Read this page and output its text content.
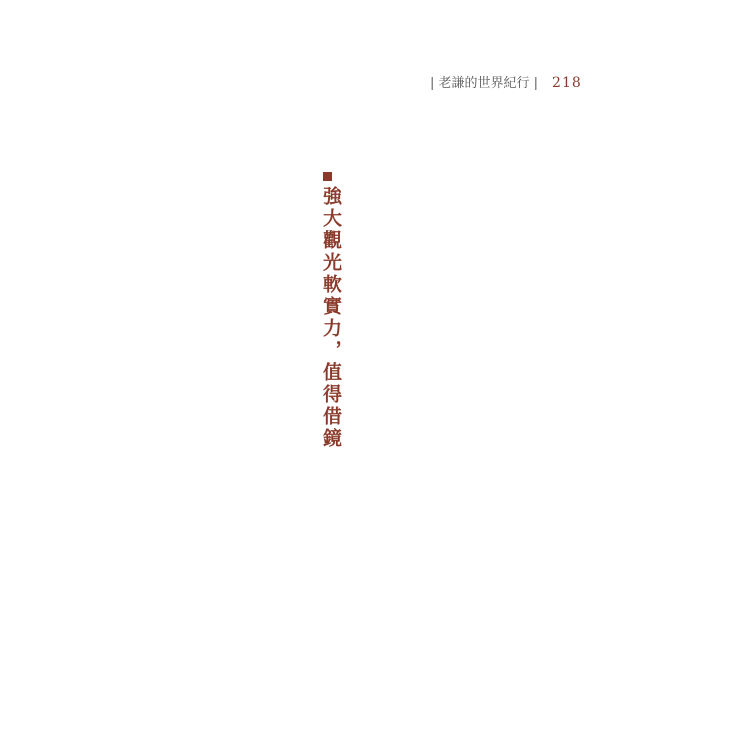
| 老謙的世界紀行 | 218
強大觀光軟實力，值得借鏡
